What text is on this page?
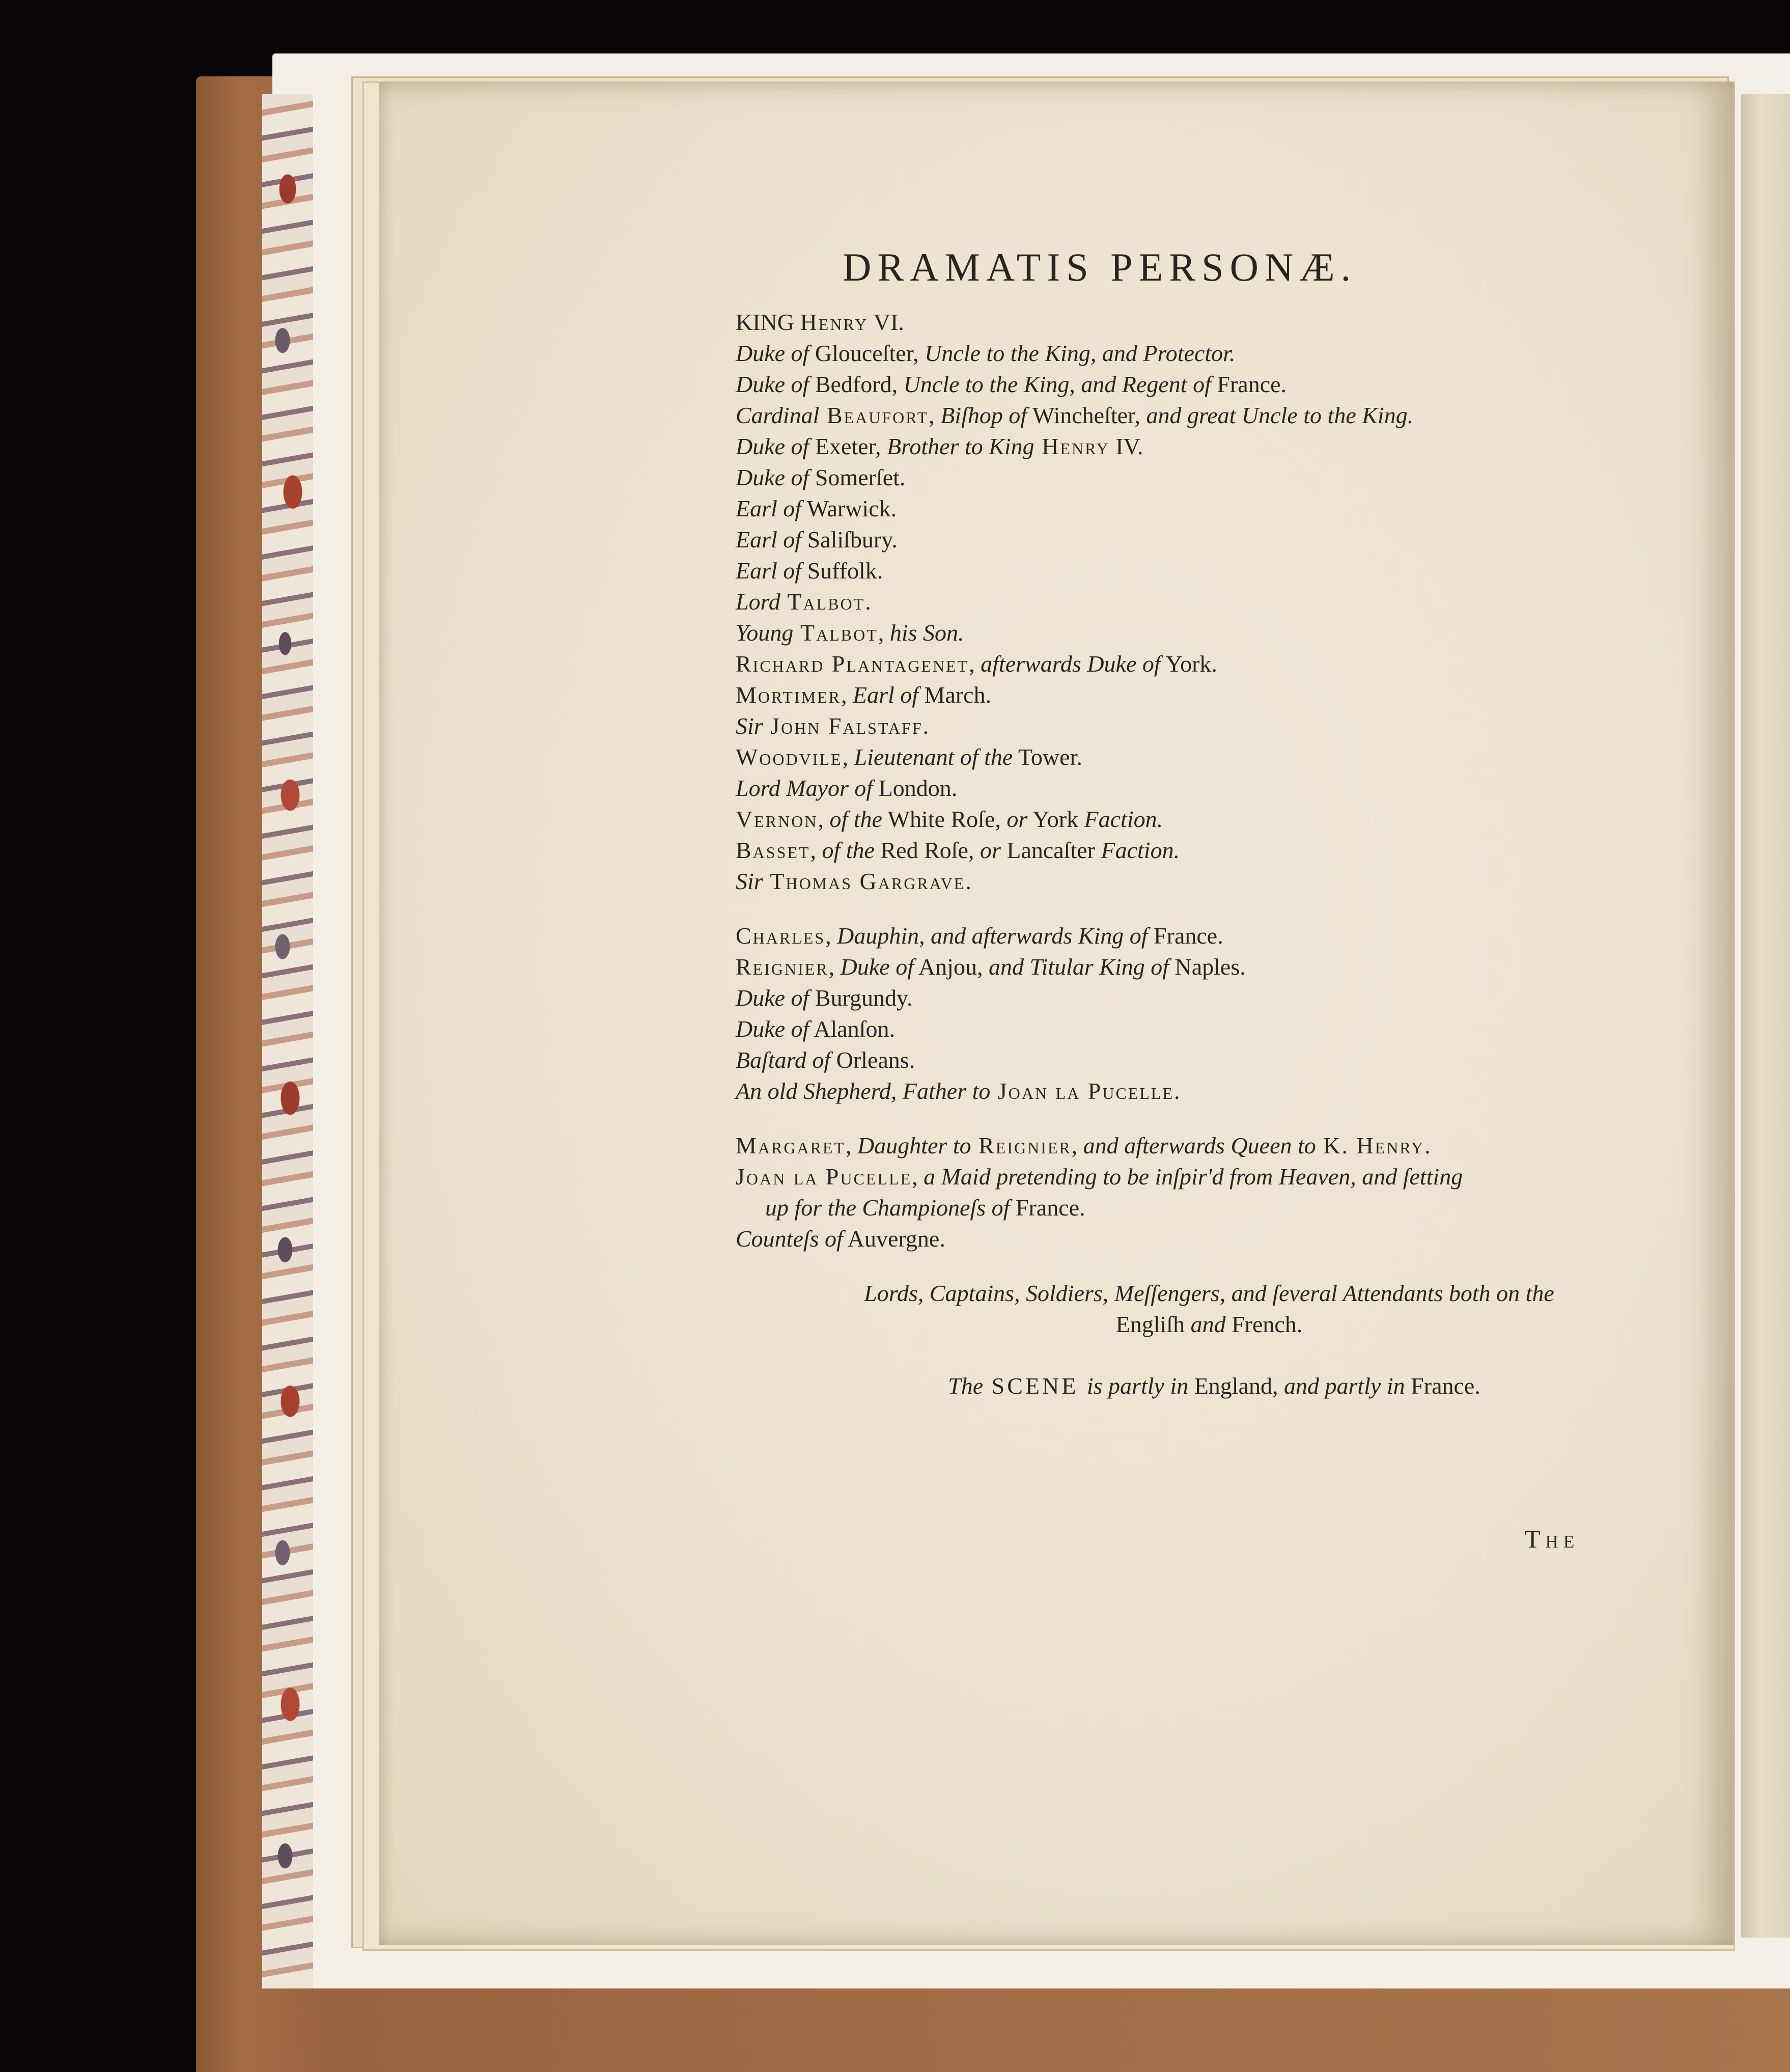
DRAMATIS PERSONÆ.
KING Henry VI.
Duke of Glouceſter, Uncle to the King, and Protector.
Duke of Bedford, Uncle to the King, and Regent of France.
Cardinal Beaufort, Biſhop of Wincheſter, and great Uncle to the King.
Duke of Exeter, Brother to King Henry IV.
Duke of Somerſet.
Earl of Warwick.
Earl of Saliſbury.
Earl of Suffolk.
Lord Talbot.
Young Talbot, his Son.
Richard Plantagenet, afterwards Duke of York.
Mortimer, Earl of March.
Sir John Falstaff.
Woodvile, Lieutenant of the Tower.
Lord Mayor of London.
Vernon, of the White Roſe, or York Faction.
Basset, of the Red Roſe, or Lancaſter Faction.
Sir Thomas Gargrave.
Charles, Dauphin, and afterwards King of France.
Reignier, Duke of Anjou, and Titular King of Naples.
Duke of Burgundy.
Duke of Alanſon.
Baſtard of Orleans.
An old Shepherd, Father to Joan la Pucelle.
Margaret, Daughter to Reignier, and afterwards Queen to K. Henry.
Joan la Pucelle, a Maid pretending to be inſpir'd from Heaven, and ſetting
up for the Championeſs of France.
Counteſs of Auvergne.
Lords, Captains, Soldiers, Meſſengers, and ſeveral Attendants both on the
Engliſh and French.
The SCENE is partly in England, and partly in France.
The
